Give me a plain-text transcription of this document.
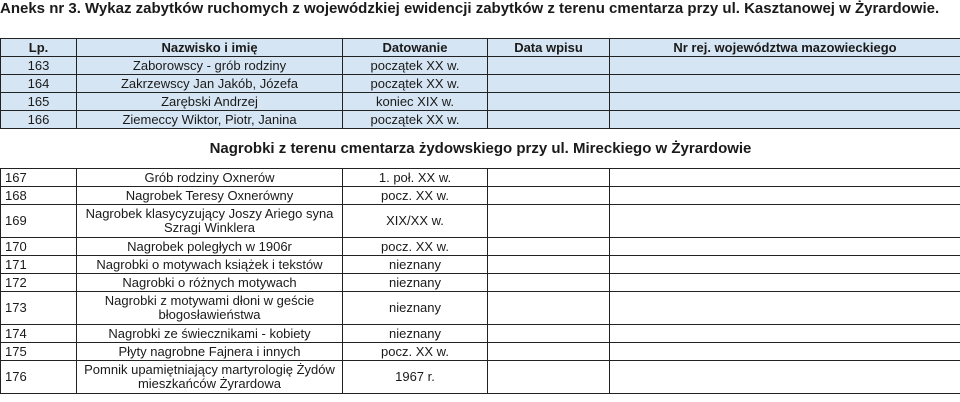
Aneks nr 3. Wykaz zabytków ruchomych z wojewódzkiej ewidencji zabytków z terenu cmentarza przy ul. Kasztanowej w Żyrardowie.
Lp.	Nazwisko i imię	Datowanie	Data wpisu	Nr rej. województwa mazowieckiego
163	Zaborowscy - grób rodziny	początek XX w.		
164	Zakrzewscy Jan Jakób, Józefa	początek XX w.		
165	Zarębski Andrzej	koniec XIX w.		
166	Ziemeccy Wiktor, Piotr, Janina	początek XX w.		

Nagrobki z terenu cmentarza żydowskiego przy ul. Mireckiego w Żyrardowie				

167	Grób rodziny Oxnerów	1. poł. XX w.		
168	Nagrobek Teresy Oxnerówny	pocz. XX w.		
169	Nagrobek klasycyzujący Joszy Ariego syna Szragi Winklera	XIX/XX w.		
170	Nagrobek poległych w 1906r	pocz. XX w.		
171	Nagrobki o motywach książek i tekstów	nieznany		
172	Nagrobki o różnych motywach	nieznany		
173	Nagrobki z motywami dłoni w geście błogosławieństwa	nieznany		
174	Nagrobki ze świecznikami - kobiety	nieznany		
175	Płyty nagrobne Fajnera i innych	pocz. XX w.		
176	Pomnik upamiętniający martyrologię Żydów mieszkańców Żyrardowa	1967 r.		
